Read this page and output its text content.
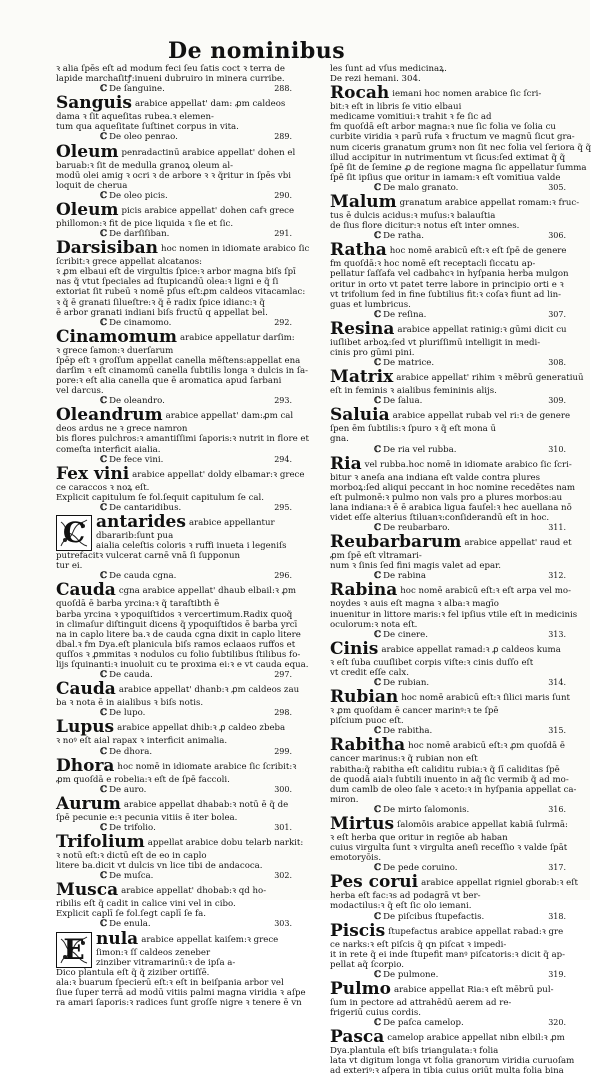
De nominibus
ꝛ alia ſpēs eſt ad modum feci ſeu ſatis coct ꝛ terra de
lapide marchaſitꝭ:inueni dubruiro in minera curribe.
ℂ De ſanguine.	288.
Sanguis arabice appellat' dam: ꝓm caldeos
dama ꝛ ſit aqueſitas rubea.ꝛ elemen-
tum qua aqueſitate ſuſtinet corpus in vita.
ℂ De oleo penrao.	289.
Oleum penradactinū arabice appellat' dohen el
baruab:ꝛ ſit de medulla granoꝝ oleum al-
modū olei amig ꝛ ocri ꝛ de arbore ꝛ ꝛ q̃ritur in ſpēs vbi
loquit de cherua
ℂ De oleo picis.	290.
Oleum picis arabice appellat' dohen cafꝛ grece
phillomon:ꝛ fit de pice liquida ꝛ ſie et ſic.
ℂ De darſiſiban.	291.
Darsisiban hoc nomen in idiomate arabico ſic
ſcribit:ꝛ grece appellat alcatanos:
ꝛ ꝓm elbaui eſt de virgultis ſpice:ꝛ arbor magna biſs ſpī
nas q̃ vtut ſpeciales ad ſtupicandū olea:ꝛ ligni e q̃ ſi
extoriat ſit rubeū ꝛ nomē pſus eſt:ꝓm caldeos vitacamlac:
ꝛ q̃ ē granati ſilueſtre:ꝛ q̃ ē radix ſpice idianc:ꝛ q̃
ē arbor granati indiani biſs fructū q appellat bel.
ℂ De cinamomo.	292.
Cinamomum arabice appellatur darſim:
ꝛ grece ſamon:ꝛ duerſarum
ſpēp eſt ꝛ groſſum appellat canella mēſtens:appellat ena
darſim ꝛ eſt cinamomū canella ſubtilis longa ꝛ dulcis in ſa-
pore:ꝛ eſt alia canella que ē aromatica apud ſarbani
vel darcus.
ℂ De oleandro.	293.
Oleandrum arabice appellat' dam:ꝓm cal
deos ardus ne ꝛ grece namron
bis flores pulchros:ꝛ amantiſſimi ſaporis:ꝛ nutrit in flore et
comeſta interficit aialia.
ℂ De fece vini.	294.
Fex vini arabice appellat' doldy elbamar:ꝛ grece
ce caraccos ꝛ noꝝ eſt.
Explicit capitulum ſe fol.ſequit capitulum ſe cal.
ℂ De cantaridibus.	295.
C antarides arabice appellantur
dbararib:ſunt pua
aialia celeſtis coloris ꝛ ruffi inueta i legeniſs
putrefacitꝛ vulcerat carnē vnā ſi ſupponun
tur ei.
ℂ De cauda cgna.	296.
Cauda cgna arabice appellat' dhaub elbail:ꝛ ꝓm
quoſdā ē barba yrcina:ꝛ q̃ taraſtibth ē
barba yrcina ꝛ ypoquiſtidos ꝛ vercertimum.Radix quoq̃
in climaſur diſtinguit dicens q̃ ypoquiſtidos ē barba yrcī
na in caplo litere ba.ꝛ de cauda cgna dixit in caplo litere
dbal.ꝛ fm Dya.eſt planicula biſs ramos eclaaos ruffos et
quſſos ꝛ ꝓmmitas ꝛ nodulos cu folio ſubtilibus ſtilibus fo-
lijs ſquinanti:ꝛ inuoluit cu te proxima ei:ꝛ e vt cauda equa.
ℂ De cauda.	297.
Cauda arabice appellat' dhanb:ꝛ ꝓm caldeos zau
ba ꝛ nota ē in aialibus ꝛ biſs notis.
ℂ De lupo.	298.
Lupus arabice appellat dhib:ꝛ ꝓ caldeo zbeba
ꝛ noꝰ eſt aial rapax ꝛ interficit animalia.
ℂ De dhora.	299.
Dhora hoc nomē in idiomate arabice ſic ſcribit:ꝛ
ꝓm quoſdā e robelia:ꝛ eſt de ſpē faccoli.
ℂ De auro.	300.
Aurum arabice appellat dhabab:ꝛ notū ē q̃ de
ſpē pecunie e:ꝛ pecunia vitiis ē iter bolea.
ℂ De trifolio.	301.
Trifolium appellat arabice dobu telarb narkit:
ꝛ notū eſt:ꝛ dictū eſt de eo in caplo
litere ba.dicit vt dulcis vn lice tibi de andacoca.
ℂ De muſca.	302.
Musca arabice appellat' dhobab:ꝛ qd ho-
ribilis eſt q̃ cadit in calice vini vel in cibo.
Explicit caplī ſe fol.ſegt caplī ſe fa.
ℂ De enula.	303.
E nula arabice appellat kaiſem:ꝛ grece
ſimon:ꝛ ſſ caldeos zeneber
zinziber vitramarinū:ꝛ de ipſa a-
Dico plantula eſt q̃ q̃ ziziber ortiſſē.
ala:ꝛ buarum ſpecierū eſt:ꝛ eſt in beiſpania arbor vel
ſiue ſuper terrā ad modū vitiis palmi magna viridia ꝛ aſpe
ra amari ſaporis:ꝛ radices ſunt groſſe nigre ꝛ tenere ē vn
les ſunt ad vſus medicinaꝝ.
De rezi hemani. 304.
Rocah iemani hoc nomen arabice ſic ſcri-
bit:ꝛ eſt in libris ſe vitio elbaui
medicame vomitiui:ꝛ trahit ꝛ fe ſic ad
fm quoſdā eſt arbor magna:ꝛ nue ſic folia ve ſolia cu
curbite viridia ꝛ parū rufa ꝛ fructum ve magnū ſicut gra-
num ciceris granatum grumꝛ non ſit nec folia vel ſeriora q̃ q̃
illud accipitur in nutrimentum vt ſicus:ſed extimat q̃ q̃
ſpē ſit de ſemine ꝓ de regione magna ſic appellatur ſumma
ſpē ſit ipſius que oritur in iamam:ꝛ eſt vomitiua valde
ℂ De malo granato.	305.
Malum granatum arabice appellat romam:ꝛ fruc-
tus ē dulcis acidus:ꝛ muſus:ꝛ balauſtia
de ſius flore dicitur:ꝛ notus eſt inter omnes.
ℂ De ratha.	306.
Ratha hoc nomē arabicū eſt:ꝛ eſt ſpē de genere
fm quoſdā:ꝛ hoc nomē eſt receptacli ſiccatu ap-
pellatur ſaſſafa vel cadbahcꝛ in hyſpania herba mulgon
oritur in orto vt patet terre labore in principio orti e ꝛ
vt trifolium ſed in fine ſubtilius fit:ꝛ coſaꝛ fiunt ad lin-
guas et lumbricus.
ℂ De reſina.	307.
Resina arabice appellat ratinig:ꝛ gūmi dicit cu
iuſlibet arboꝝ:ſed vt pluriſſimū intelligit in medi-
cinis pro gūmi pini.
ℂ De matrice.	308.
Matrix arabice appellat' rihim ꝛ mēbrū generatiuū
eſt in feminis ꝛ aialibus femininis alijs.
ℂ De ſalua.	309.
Saluia arabice appellat rubab vel ri:ꝛ de genere
ſpen ēm ſubtilis:ꝛ ſpuro ꝛ q̃ eſt mona ū
gna.
ℂ De ria vel rubba.	310.
Ria vel rubba.hoc nomē in idiomate arabico ſic ſcri-
bitur ꝛ aneſa ana indiana eſt valde contra plures
morboꝝ:ſed aliqui peccant in hoc nomine recedētes nam
eſt pulmonē:ꝛ pulmo non vals pro a plures morbos:au
lana indiana:ꝛ ē ē arabica ligua fauſel:ꝛ hec auellana nō
videt eſſe alterius ſtiluanꝛ:conſiderandū eſt in hoc.
ℂ De reubarbaro.	311.
Reubarbarum arabice appellat' raud et
ꝓm ſpē eſt vltramari-
num ꝛ ſinis ſed fini magis valet ad epar.
ℂ De rabina	312.
Rabina hoc nomē arabicū eſt:ꝛ eſt arpa vel mo-
noydes ꝛ auis eſt magna ꝛ alba:ꝛ magīo
inuenitur in littore maris:ꝛ fel ipſius vtile eſt in medicinis
oculorum:ꝛ nota eſt.
ℂ De cinere.	313.
Cinis arabice appellat ramad:ꝛ ꝓ caldeos kuma
ꝛ eſt ſuba cuuſlibet corpis viſte:ꝛ cinis duſſo eſt
vt credit eſſe calx.
ℂ De rubian.	314.
Rubian hoc nomē arabicū eſt:ꝛ ſilici maris ſunt
ꝛ ꝓm quoſdam ē cancer marinꝰ:ꝛ te ſpē
piſcium puoc eſt.
ℂ De rabitha.	315.
Rabitha hoc nomē arabicū eſt:ꝛ ꝓm quoſdā ē
cancer marinus:ꝛ q̃ rubian non eſt
rabitha:q̃ rabitha eſt caliditu rubia:ꝛ q̃ ſī caliditas ſpē
de quodā aialꝛ ſubtili inuento in aq̃ ſic vermib q̃ ad mo-
dum camlb de oleo ſale ꝛ aceto:ꝛ in hyſpania appellat ca-
miron.
ℂ De mirto ſalomonis.	316.
Mirtus ſalomōis arabice appellat kabiā ſulrmā:
ꝛ eſt herba que oritur in regiōe ab haban
cuius virgulta ſunt ꝛ virgulta aneſi receſſio ꝛ valde ſpāt
emotoryōis.
ℂ De pede coruino.	317.
Pes corui arabice appellat rigniel gborab:ꝛ eſt
herba eſt fac:ꝛs ad podagrā vt ber-
modactilus:ꝛ q̃ eſt ſic olo iemani.
ℂ De piſcibus ſtupefactis.	318.
Piscis ſtupefactus arabice appellat rabad:ꝛ gre
ce narks:ꝛ eſt piſcis q̃ qn piſcat ꝛ impedi-
it in rete q̃ ei inde ſtupefit manꝰ piſcatoris:ꝛ dicit q̃ ap-
pellat aq̃ ſcorpio.
ℂ De pulmone.	319.
Pulmo arabice appellat Ria:ꝛ eſt mēbrū pul-
ſum in pectore ad attrahēdū aerem ad re-
frigeriū cuius cordis.
ℂ De paſca camelop.	320.
Pasca camelop arabice appellat nibn elbil:ꝛ ꝓm
Dya.plantula eſt biſs triangulata:ꝛ folia
lata vt digitum longa vt folia granorum viridia curuoſam
ad exteriꝰ:ꝛ aſpera in tibia cuius oriūt multa folia bina
